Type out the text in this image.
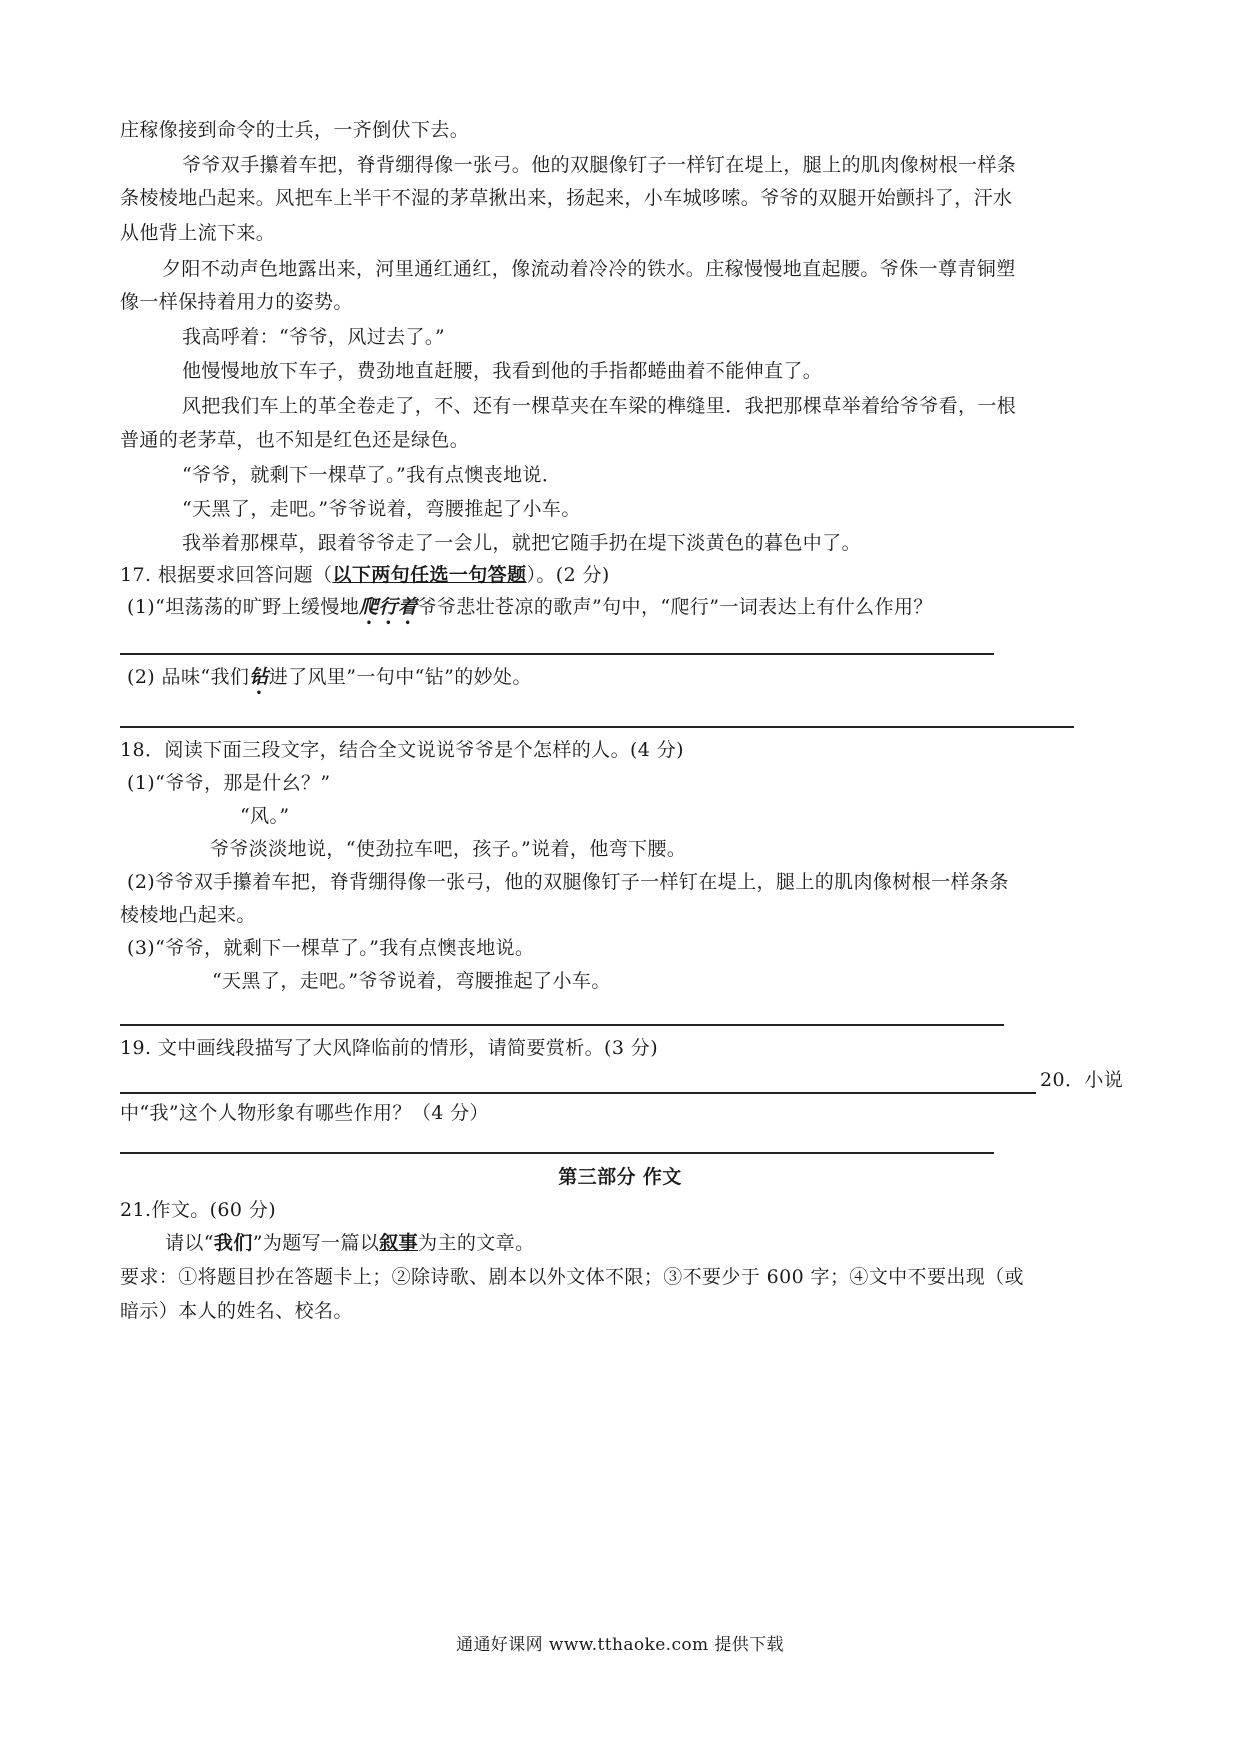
庄稼像接到命令的士兵，一齐倒伏下去。
爷爷双手攥着车把，脊背绷得像一张弓。他的双腿像钉子一样钉在堤上，腿上的肌肉像树根一样条
条棱棱地凸起来。风把车上半干不湿的茅草揪出来，扬起来，小车城哆嗦。爷爷的双腿开始颤抖了，汗水
从他背上流下来。
夕阳不动声色地露出来，河里通红通红，像流动着冷冷的铁水。庄稼慢慢地直起腰。爷侏一尊青铜塑
像一样保持着用力的姿势。
我高呼着：“爷爷，风过去了。”
他慢慢地放下车子，费劲地直赶腰，我看到他的手指都蜷曲着不能伸直了。
风把我们车上的革全卷走了，不、还有一棵草夹在车梁的榫缝里．我把那棵草举着给爷爷看，一根
普通的老茅草，也不知是红色还是绿色。
“爷爷，就剩下一棵草了。”我有点懊丧地说．
“天黑了，走吧。”爷爷说着，弯腰推起了小车。
我举着那棵草，跟着爷爷走了一会儿，就把它随手扔在堤下淡黄色的暮色中了。
17. 根据要求回答问题（以下两句任选一句答题）。(2 分)
(1)“坦荡荡的旷野上缓慢地爬行着爷爷悲壮苍凉的歌声”句中，“爬行”一词表达上有什么作用？
(2) 品味“我们钻进了风里”一句中“钻”的妙处。
18．阅读下面三段文字，结合全文说说爷爷是个怎样的人。(4 分)
(1)“爷爷，那是什幺？”
“风。”
爷爷淡淡地说，“使劲拉车吧，孩子。”说着，他弯下腰。
(2)爷爷双手攥着车把，脊背绷得像一张弓，他的双腿像钉子一样钉在堤上，腿上的肌肉像树根一样条条
棱棱地凸起来。
(3)“爷爷，就剩下一棵草了。”我有点懊丧地说。
“天黑了，走吧。”爷爷说着，弯腰推起了小车。
19. 文中画线段描写了大风降临前的情形，请简要赏析。(3 分)
20．小说
中“我”这个人物形象有哪些作用？（4 分）
第三部分 作文
21.作文。(60 分)
请以“我们”为题写一篇以叙事为主的文章。
要求：①将题目抄在答题卡上；②除诗歌、剧本以外文体不限；③不要少于 600 字；④文中不要出现（或
暗示）本人的姓名、校名。
通通好课网 www.tthaoke.com 提供下载
